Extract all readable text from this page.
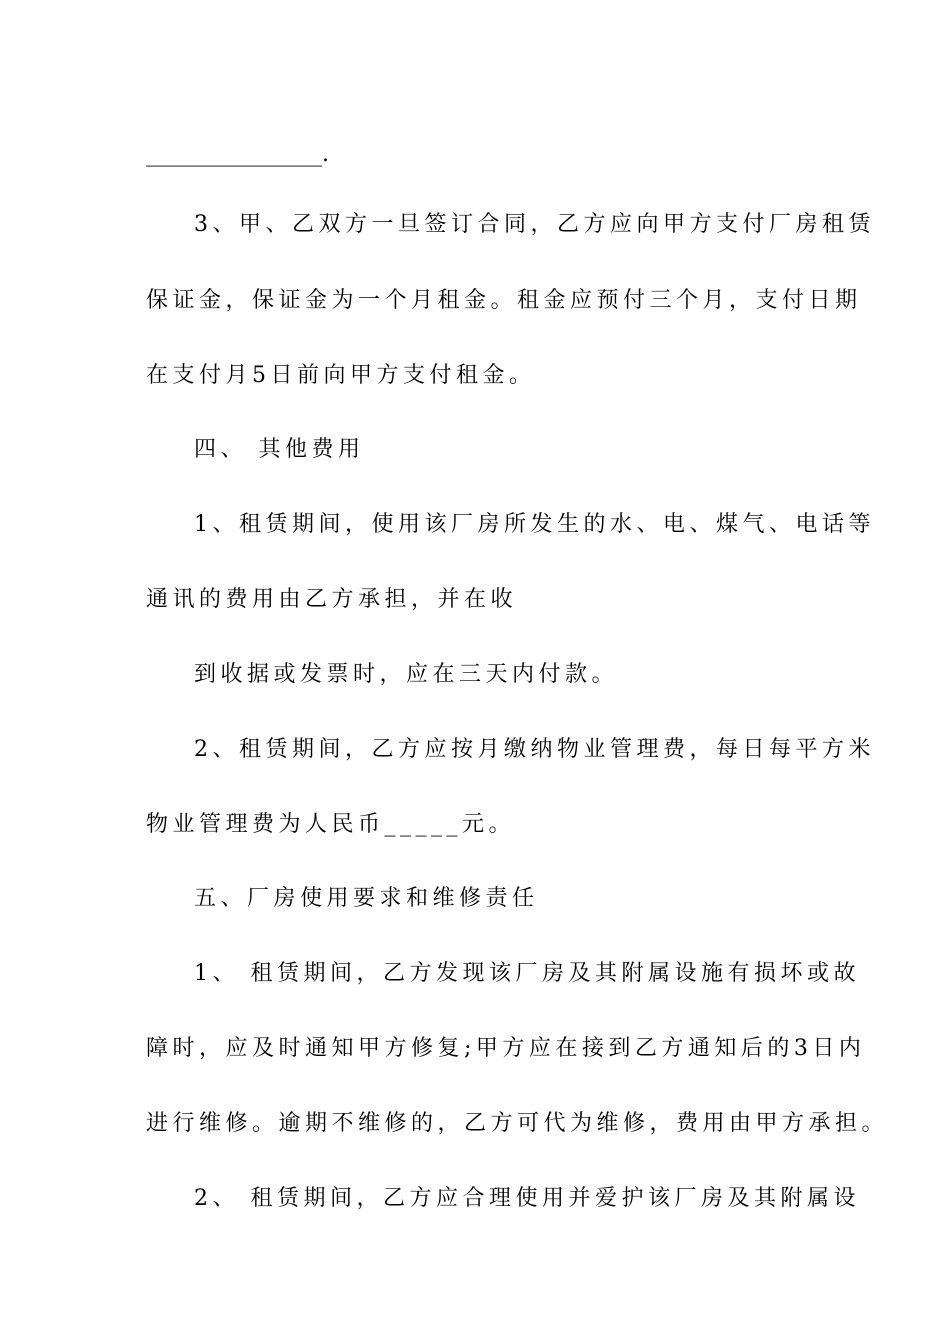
________________.
3、甲、乙双方一旦签订合同，乙方应向甲方支付厂房租赁
保证金，保证金为一个月租金。租金应预付三个月，支付日期
在支付月5日前向甲方支付租金。
四、 其他费用
1、租赁期间，使用该厂房所发生的水、电、煤气、电话等
通讯的费用由乙方承担，并在收
到收据或发票时，应在三天内付款。
2、租赁期间，乙方应按月缴纳物业管理费，每日每平方米
物业管理费为人民币_____元。
五、厂房使用要求和维修责任
1、 租赁期间，乙方发现该厂房及其附属设施有损坏或故
障时，应及时通知甲方修复;甲方应在接到乙方通知后的3日内
进行维修。逾期不维修的，乙方可代为维修，费用由甲方承担。
2、 租赁期间，乙方应合理使用并爱护该厂房及其附属设
